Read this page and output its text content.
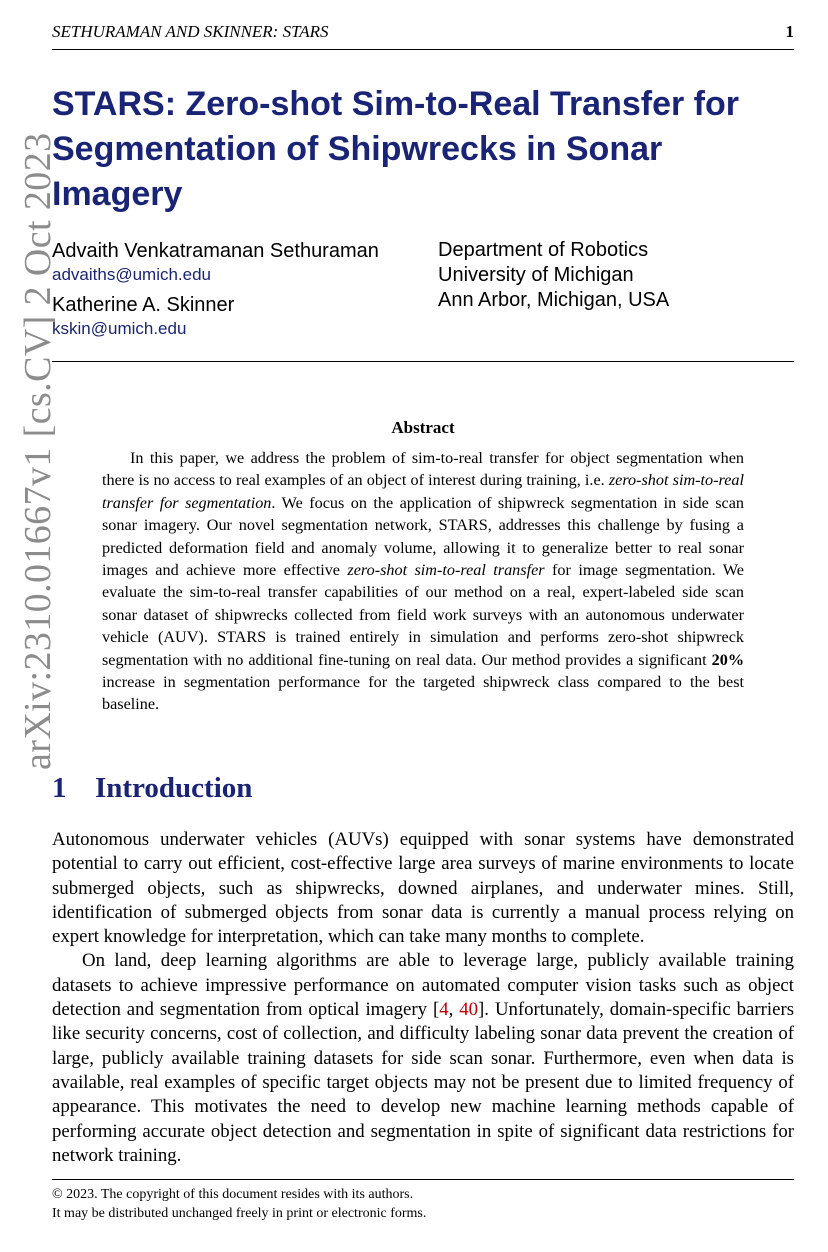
SETHURAMAN AND SKINNER: STARS	1
arXiv:2310.01667v1 [cs.CV] 2 Oct 2023
STARS: Zero-shot Sim-to-Real Transfer for Segmentation of Shipwrecks in Sonar Imagery
Advaith Venkatramanan Sethuraman
advaiths@umich.edu
Katherine A. Skinner
kskin@umich.edu
Department of Robotics
University of Michigan
Ann Arbor, Michigan, USA
Abstract

In this paper, we address the problem of sim-to-real transfer for object segmentation when there is no access to real examples of an object of interest during training, i.e. zero-shot sim-to-real transfer for segmentation. We focus on the application of shipwreck segmentation in side scan sonar imagery. Our novel segmentation network, STARS, addresses this challenge by fusing a predicted deformation field and anomaly volume, allowing it to generalize better to real sonar images and achieve more effective zero-shot sim-to-real transfer for image segmentation. We evaluate the sim-to-real transfer capabilities of our method on a real, expert-labeled side scan sonar dataset of shipwrecks collected from field work surveys with an autonomous underwater vehicle (AUV). STARS is trained entirely in simulation and performs zero-shot shipwreck segmentation with no additional fine-tuning on real data. Our method provides a significant 20% increase in segmentation performance for the targeted shipwreck class compared to the best baseline.

1 Introduction

Autonomous underwater vehicles (AUVs) equipped with sonar systems have demonstrated potential to carry out efficient, cost-effective large area surveys of marine environments to locate submerged objects, such as shipwrecks, downed airplanes, and underwater mines. Still, identification of submerged objects from sonar data is currently a manual process relying on expert knowledge for interpretation, which can take many months to complete.

On land, deep learning algorithms are able to leverage large, publicly available training datasets to achieve impressive performance on automated computer vision tasks such as object detection and segmentation from optical imagery [4, 40]. Unfortunately, domain-specific barriers like security concerns, cost of collection, and difficulty labeling sonar data prevent the creation of large, publicly available training datasets for side scan sonar. Furthermore, even when data is available, real examples of specific target objects may not be present due to limited frequency of appearance. This motivates the need to develop new machine learning methods capable of performing accurate object detection and segmentation in spite of significant data restrictions for network training.

© 2023. The copyright of this document resides with its authors.
It may be distributed unchanged freely in print or electronic forms.
